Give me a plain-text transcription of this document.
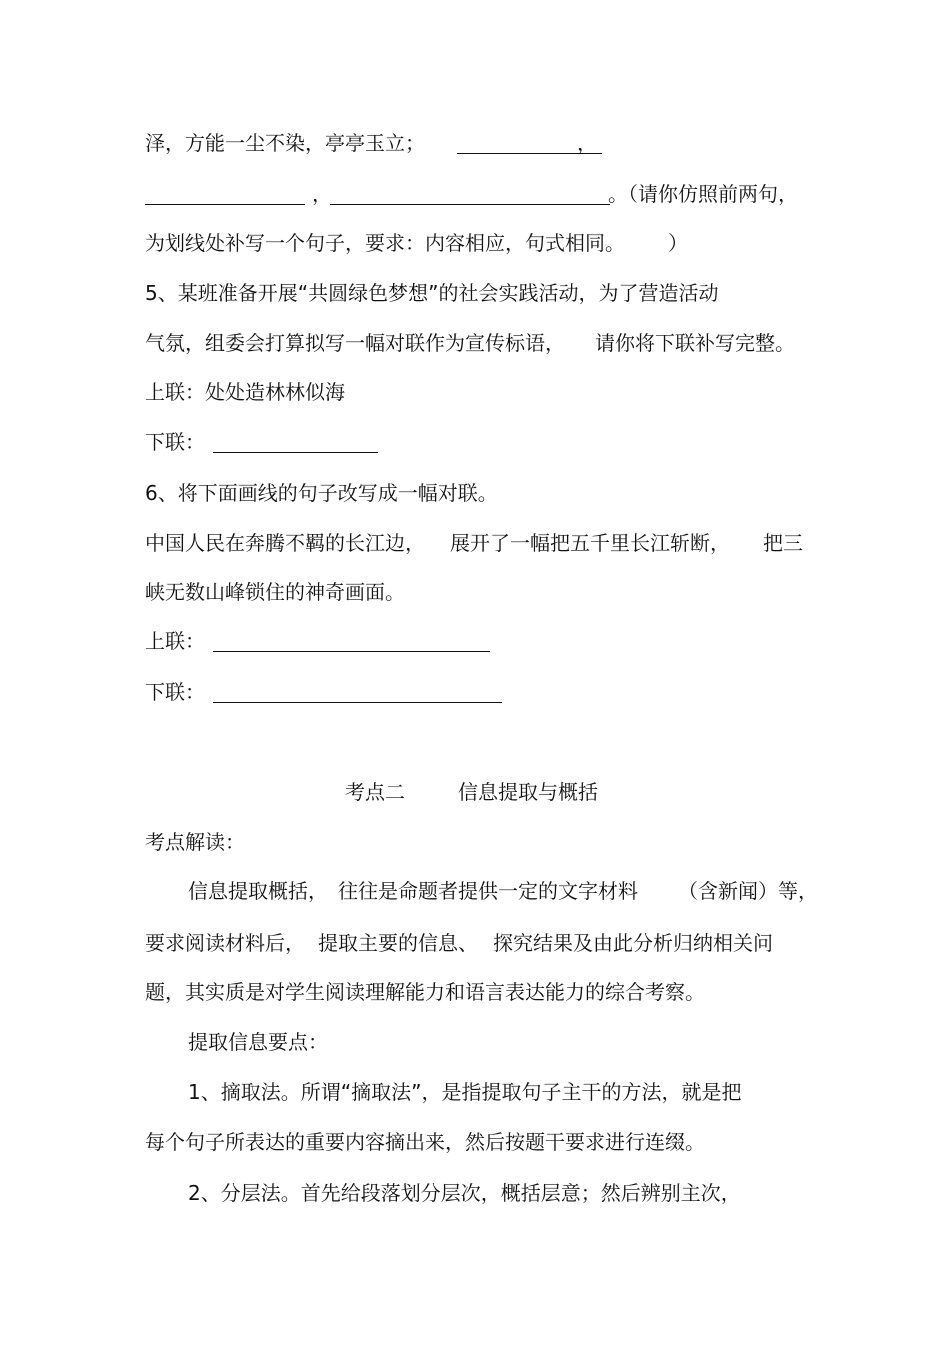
泽，方能一尘不染，亭亭玉立；	，
，	。（请你仿照前两句，
为划线处补写一个句子，要求：内容相应，句式相同。 ）
5、某班准备开展“共圆绿色梦想”的社会实践活动，为了营造活动
气氛，组委会打算拟写一幅对联作为宣传标语， 请你将下联补写完整。
上联：处处造林林似海
下联：
6、将下面画线的句子改写成一幅对联。
中国人民在奔腾不羁的长江边， 展开了一幅把五千里长江斩断， 把三
峡无数山峰锁住的神奇画面。
上联：
下联：
考点二	信息提取与概括
考点解读：
信息提取概括， 往往是命题者提供一定的文字材料 （含新闻）等，
要求阅读材料后， 提取主要的信息、 探究结果及由此分析归纳相关问
题，其实质是对学生阅读理解能力和语言表达能力的综合考察。
提取信息要点：
1、摘取法。所谓“摘取法”，是指提取句子主干的方法，就是把
每个句子所表达的重要内容摘出来，然后按题干要求进行连缀。
2、分层法。首先给段落划分层次，概括层意；然后辨别主次，
